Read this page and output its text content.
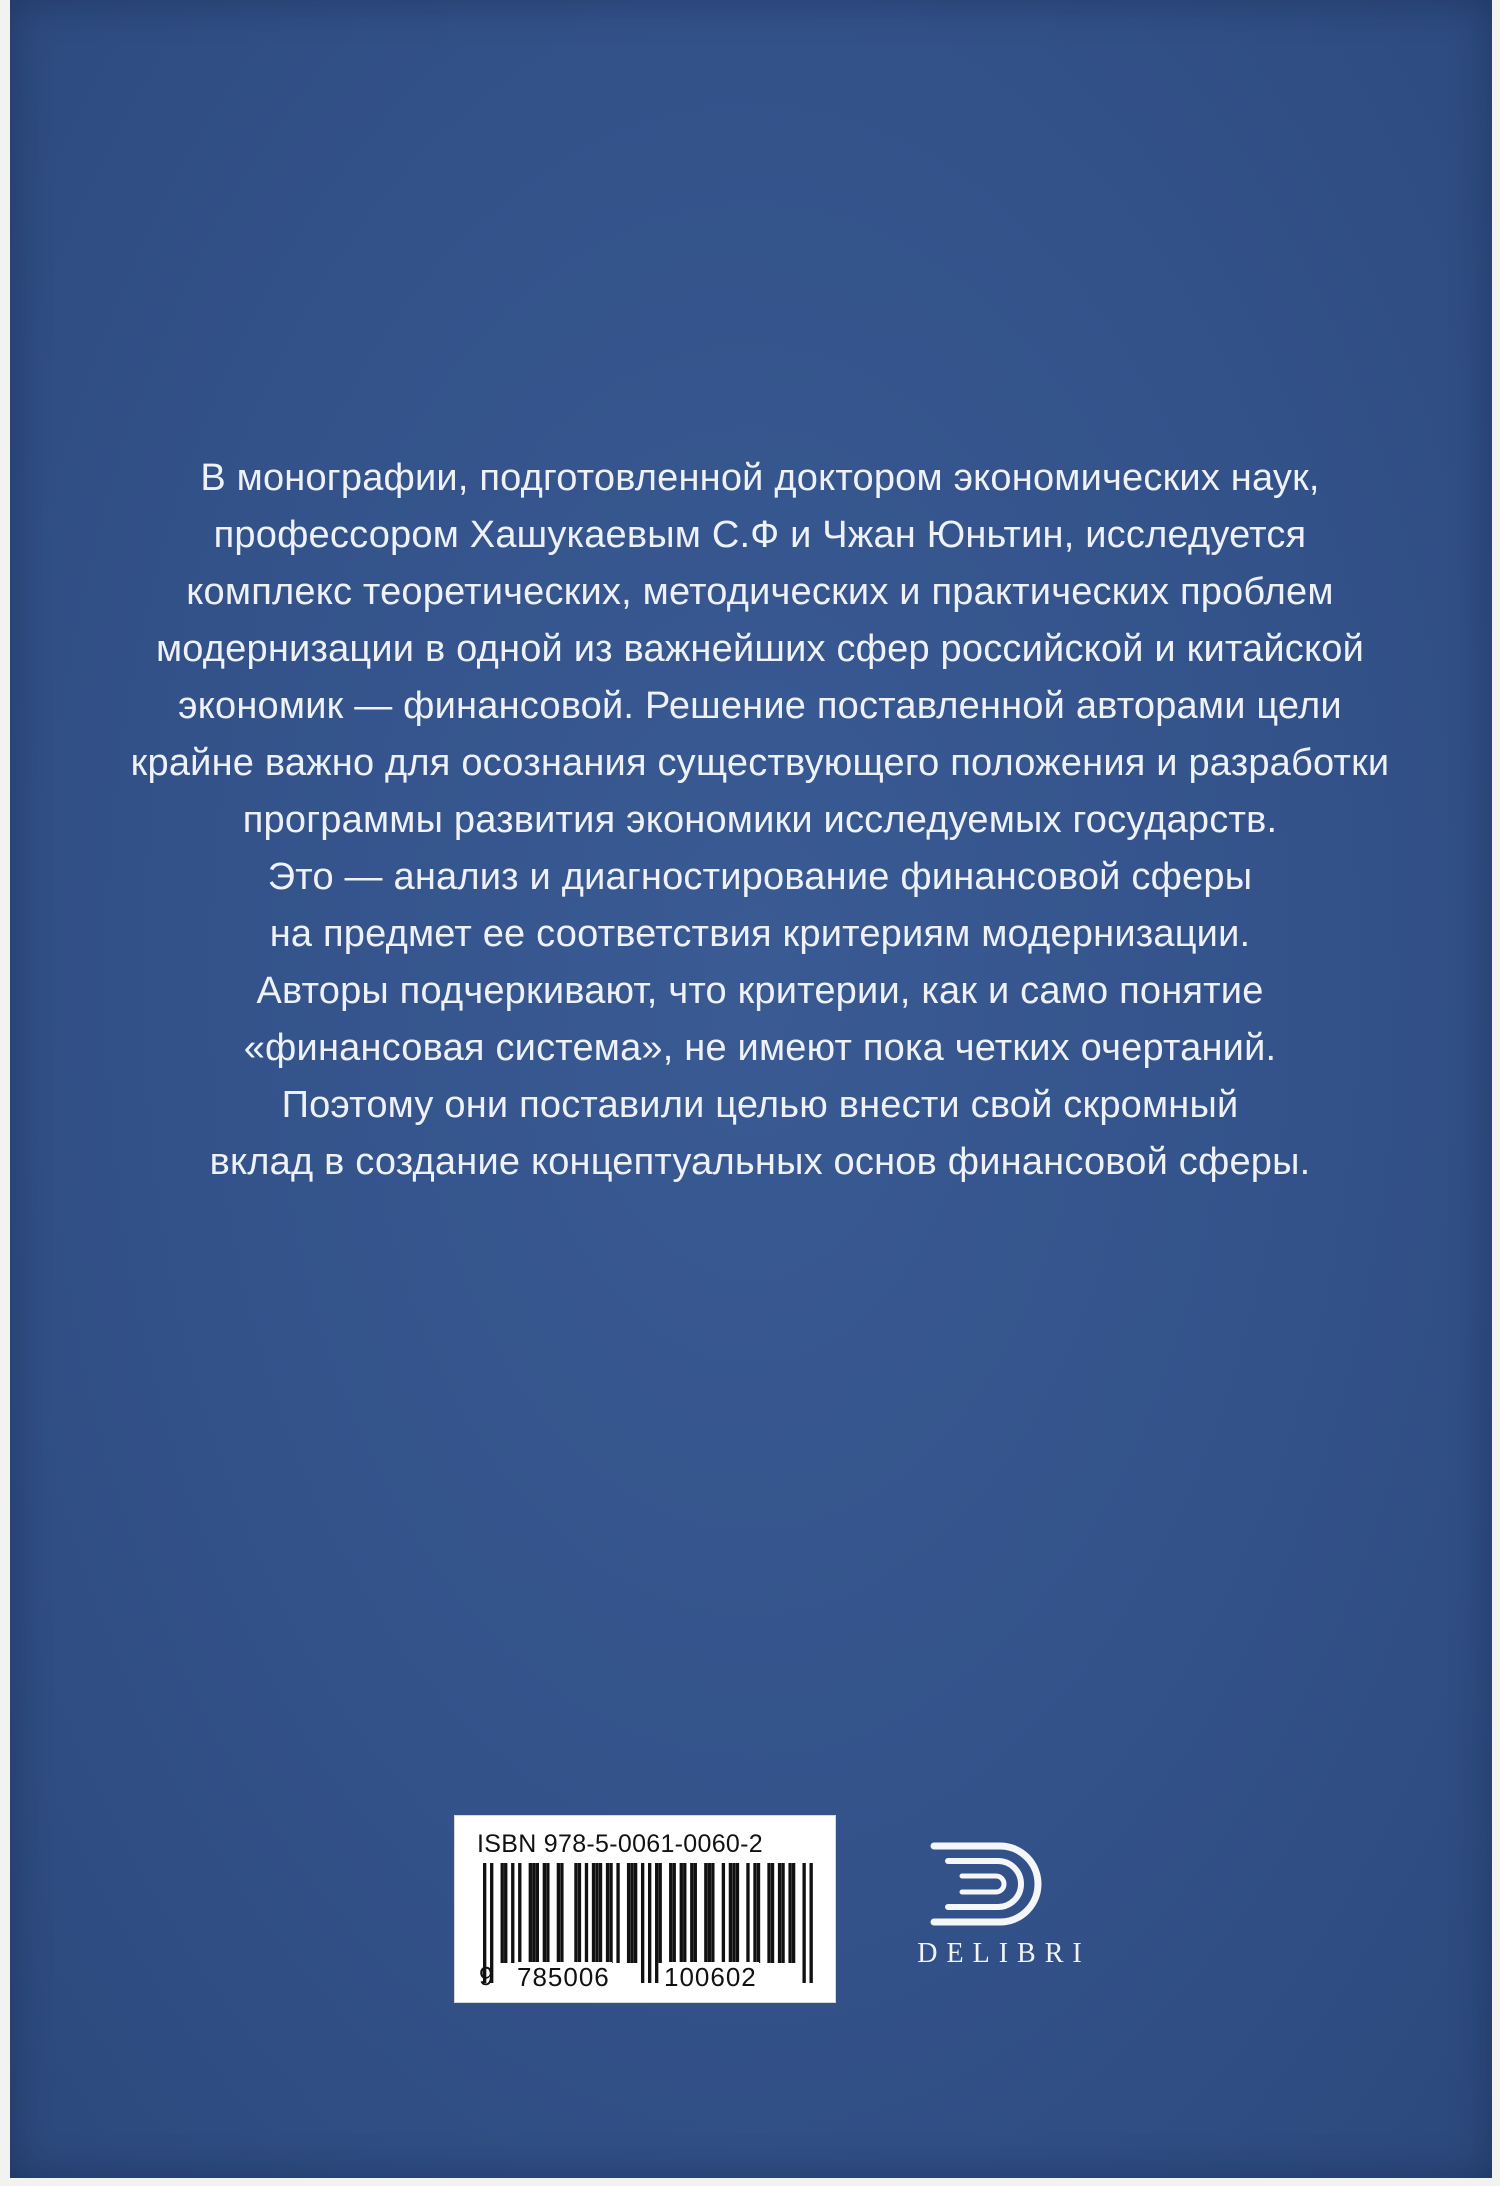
В монографии, подготовленной доктором экономических наук,
профессором Хашукаевым С.Ф и Чжан Юньтин, исследуется
комплекс теоретических, методических и практических проблем
модернизации в одной из важнейших сфер российской и китайской
экономик — финансовой. Решение поставленной авторами цели
крайне важно для осознания существующего положения и разработки
программы развития экономики исследуемых государств.
Это — анализ и диагностирование финансовой сферы
на предмет ее соответствия критериям модернизации.
Авторы подчеркивают, что критерии, как и само понятие
«финансовая система», не имеют пока четких очертаний.
Поэтому они поставили целью внести свой скромный
вклад в создание концептуальных основ финансовой сферы.

ISBN 978-5-0061-0060-2
9 785006 100602
DELIBRI
